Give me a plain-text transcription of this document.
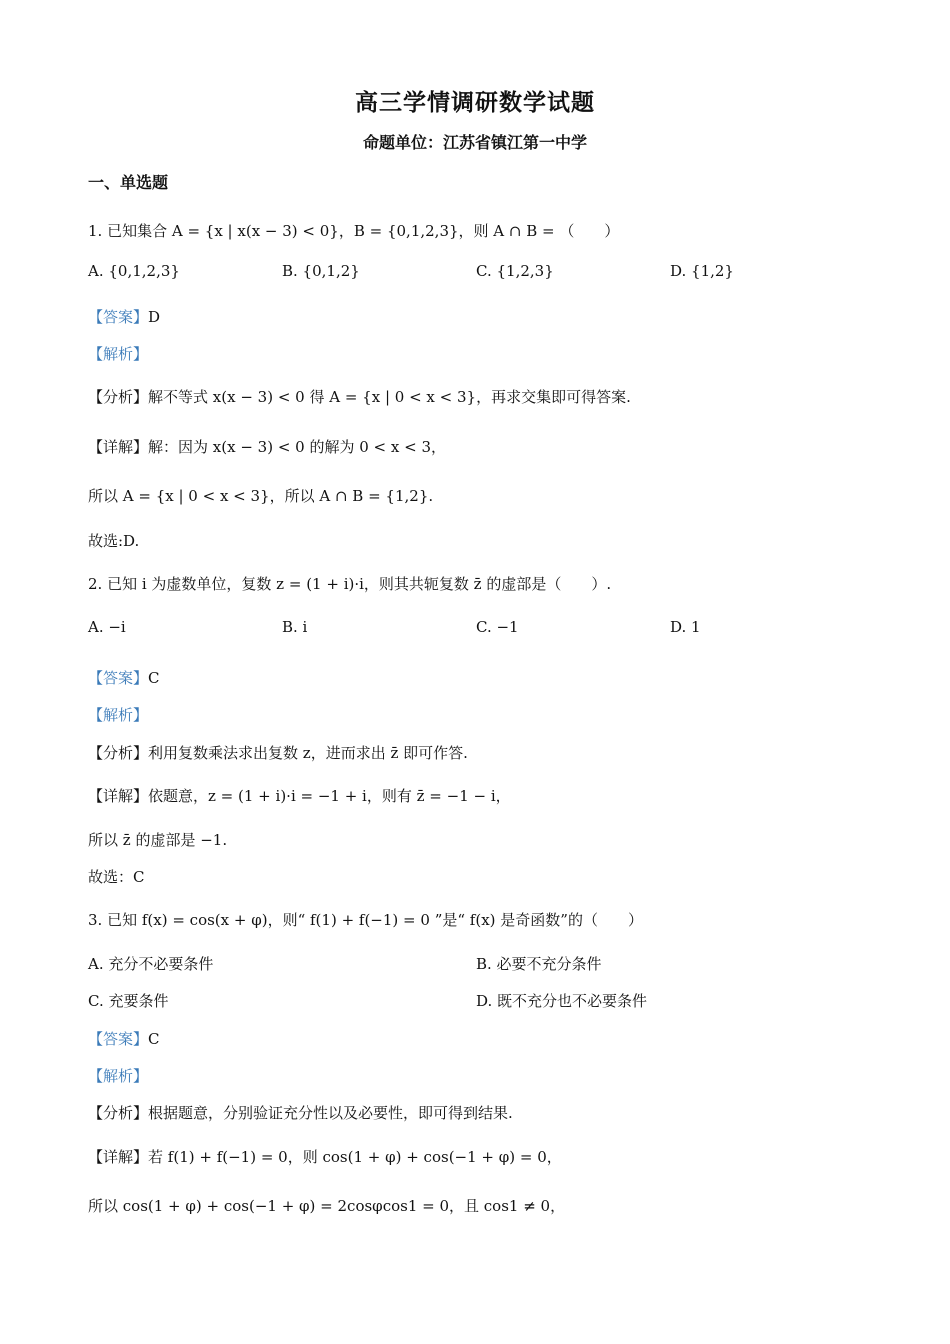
高三学情调研数学试题
命题单位：江苏省镇江第一中学
一、单选题
1. 已知集合 A = {x | x(x − 3) < 0}，B = {0,1,2,3}，则 A ∩ B = （　　）
A. {0,1,2,3}	B. {0,1,2}	C. {1,2,3}	D. {1,2}
【答案】D
【解析】
【分析】解不等式 x(x − 3) < 0 得 A = {x | 0 < x < 3}，再求交集即可得答案.
【详解】解：因为 x(x − 3) < 0 的解为 0 < x < 3，
所以 A = {x | 0 < x < 3}，所以 A ∩ B = {1,2}.
故选:D.
2. 已知 i 为虚数单位，复数 z = (1 + i)·i，则其共轭复数 z̄ 的虚部是（　　）.
A. −i	B. i	C. −1	D. 1
【答案】C
【解析】
【分析】利用复数乘法求出复数 z，进而求出 z̄ 即可作答.
【详解】依题意，z = (1 + i)·i = −1 + i，则有 z̄ = −1 − i，
所以 z̄ 的虚部是 −1.
故选：C
3. 已知 f(x) = cos(x + φ)，则“ f(1) + f(−1) = 0 ”是“ f(x) 是奇函数”的（　　）
A. 充分不必要条件	B. 必要不充分条件
C. 充要条件	D. 既不充分也不必要条件
【答案】C
【解析】
【分析】根据题意，分别验证充分性以及必要性，即可得到结果.
【详解】若 f(1) + f(−1) = 0，则 cos(1 + φ) + cos(−1 + φ) = 0，
所以 cos(1 + φ) + cos(−1 + φ) = 2cosφcos1 = 0，且 cos1 ≠ 0，
